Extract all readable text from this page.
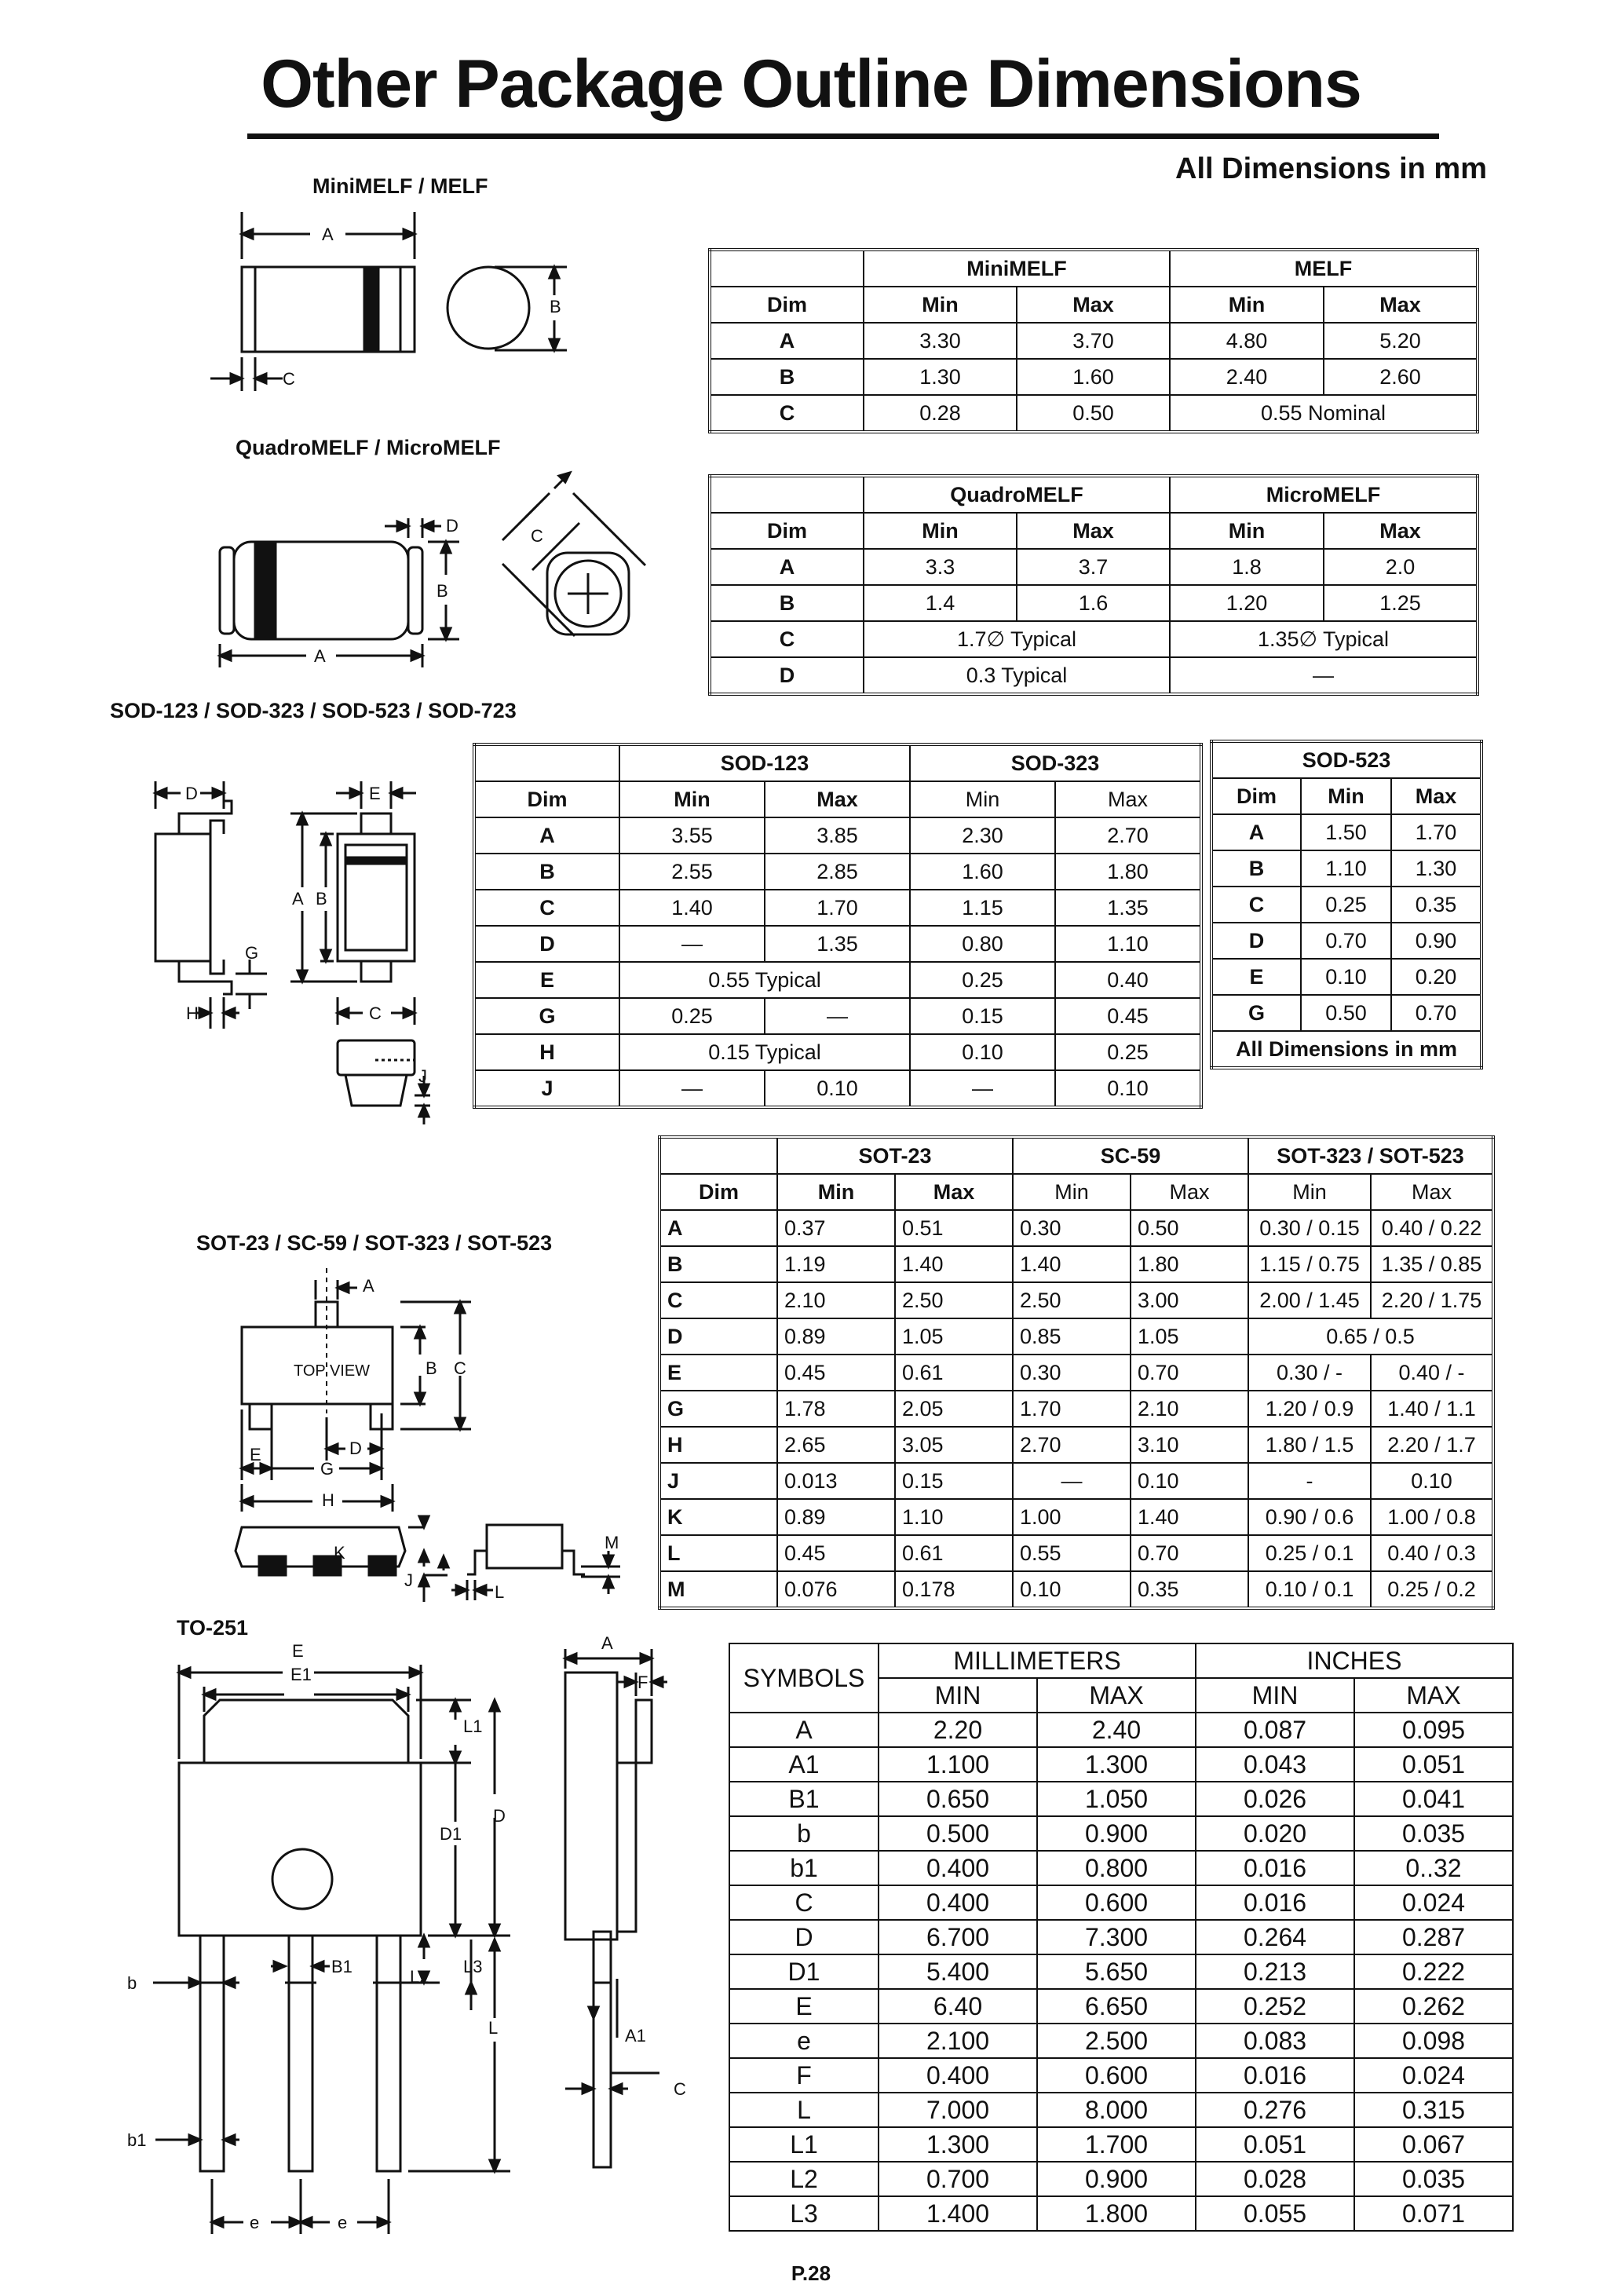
Other Package Outline Dimensions
All Dimensions in mm
MiniMELF / MELF
QuadroMELF / MicroMELF
SOD-123 / SOD-323 / SOD-523 / SOD-723
SOT-23 / SC-59 / SOT-323 / SOT-523
TO-251
A
C
B
D
B
A
C
D	E
A B
G
H	C
J
A
TOP VIEW	B C
D
E
G
H
K
J
M
L
E
E1
L1
D
D1
B1
L2
L3
L
b
b1
e	e
A
F
A1
C
	MiniMELF		MELF	
Dim	Min	Max	Min	Max
A	3.30	3.70	4.80	5.20
B	1.30	1.60	2.40	2.60
C	0.28	0.50	0.55 Nominal	
	QuadroMELF		MicroMELF	
Dim	Min	Max	Min	Max
A	3.3	3.7	1.8	2.0
B	1.4	1.6	1.20	1.25
C	1.7∅ Typical		1.35∅ Typical	
D	0.3 Typical		—	
	SOD-123		SOD-323	
Dim	Min	Max	Min	Max
A	3.55	3.85	2.30	2.70
B	2.55	2.85	1.60	1.80
C	1.40	1.70	1.15	1.35
D	—	1.35	0.80	1.10
E	0.55 Typical		0.25	0.40
G	0.25	—	0.15	0.45
H	0.15 Typical		0.10	0.25
J	—	0.10	—	0.10
SOD-523		
Dim	Min	Max
A	1.50	1.70
B	1.10	1.30
C	0.25	0.35
D	0.70	0.90
E	0.10	0.20
G	0.50	0.70
All Dimensions in mm		
	SOT-23		SC-59		SOT-323 / SOT-523	
Dim	Min	Max	Min	Max	Min	Max
A	0.37	0.51	0.30	0.50	0.30 / 0.15	0.40 / 0.22
B	1.19	1.40	1.40	1.80	1.15 / 0.75	1.35 / 0.85
C	2.10	2.50	2.50	3.00	2.00 / 1.45	2.20 / 1.75
D	0.89	1.05	0.85	1.05	0.65 / 0.5	
E	0.45	0.61	0.30	0.70	0.30 / -	0.40 / -
G	1.78	2.05	1.70	2.10	1.20 / 0.9	1.40 / 1.1
H	2.65	3.05	2.70	3.10	1.80 / 1.5	2.20 / 1.7
J	0.013	0.15	—	0.10	-	0.10
K	0.89	1.10	1.00	1.40	0.90 / 0.6	1.00 / 0.8
L	0.45	0.61	0.55	0.70	0.25 / 0.1	0.40 / 0.3
M	0.076	0.178	0.10	0.35	0.10 / 0.1	0.25 / 0.2
SYMBOLS	MILLIMETERS		INCHES	
	MIN	MAX	MIN	MAX
A	2.20	2.40	0.087	0.095
A1	1.100	1.300	0.043	0.051
B1	0.650	1.050	0.026	0.041
b	0.500	0.900	0.020	0.035
b1	0.400	0.800	0.016	0..32
C	0.400	0.600	0.016	0.024
D	6.700	7.300	0.264	0.287
D1	5.400	5.650	0.213	0.222
E	6.40	6.650	0.252	0.262
e	2.100	2.500	0.083	0.098
F	0.400	0.600	0.016	0.024
L	7.000	8.000	0.276	0.315
L1	1.300	1.700	0.051	0.067
L2	0.700	0.900	0.028	0.035
L3	1.400	1.800	0.055	0.071
P.28
